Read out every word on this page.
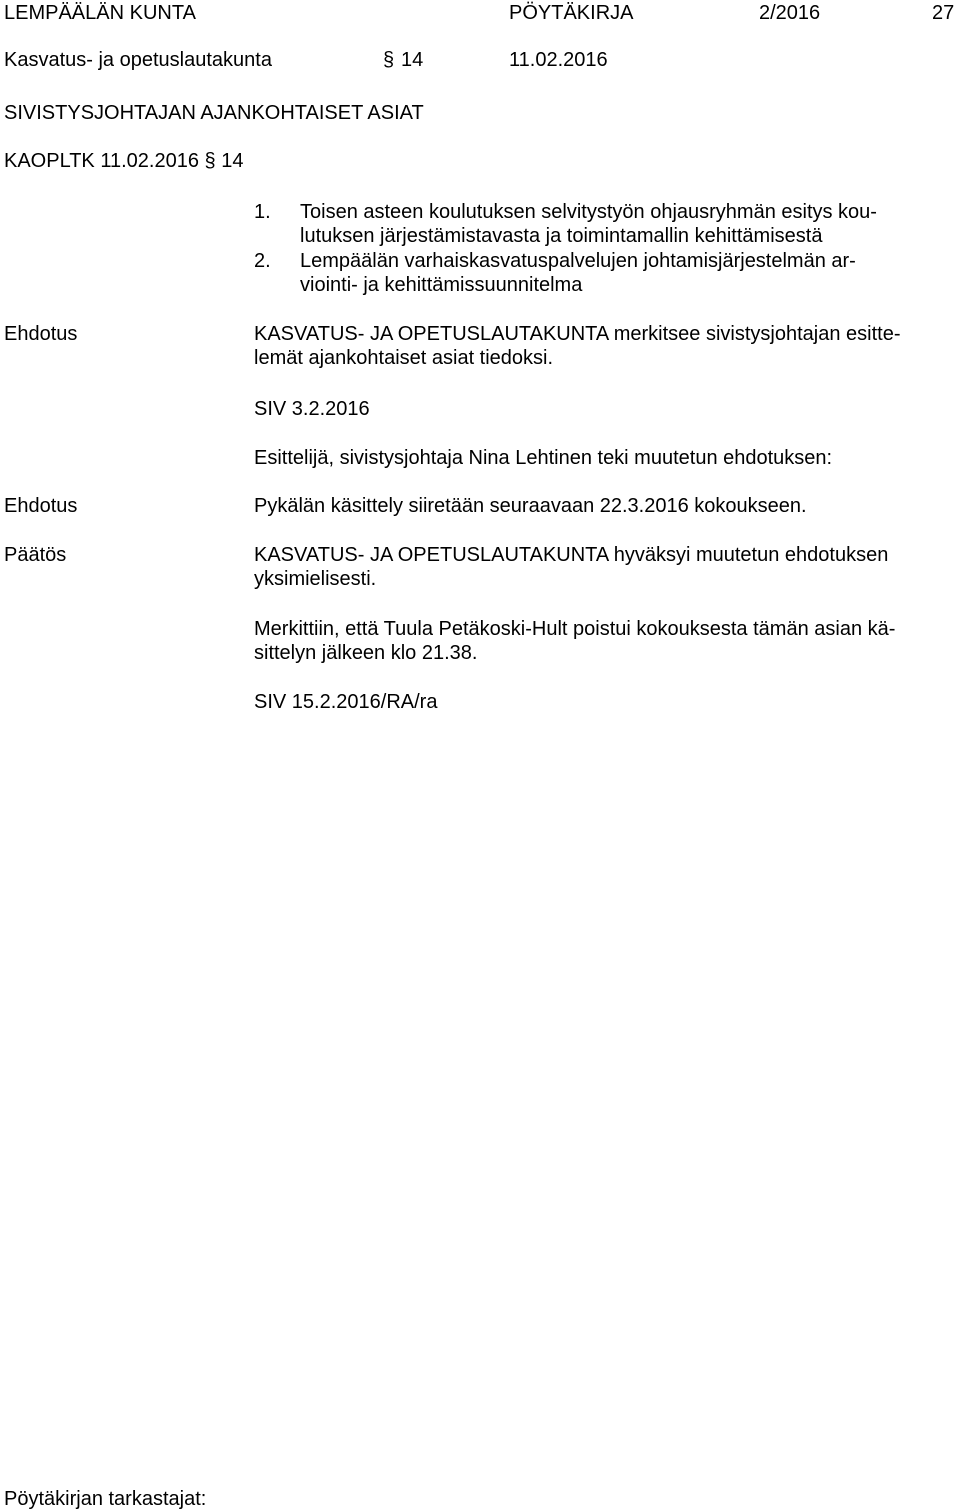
LEMPÄÄLÄN KUNTA	PÖYTÄKIRJA	2/2016	27
Kasvatus- ja opetuslautakunta	§ 14	11.02.2016
SIVISTYSJOHTAJAN AJANKOHTAISET ASIAT
KAOPLTK 11.02.2016 § 14
1. Toisen asteen koulutuksen selvitystyön ohjausryhmän esitys kou-

lutuksen järjestämistavasta ja toimintamallin kehittämisestä

2. Lempäälän varhaiskasvatuspalvelujen johtamisjärjestelmän ar-

viointi- ja kehittämissuunnitelma

Ehdotus	KASVATUS- JA OPETUSLAUTAKUNTA merkitsee sivistysjohtajan esitte-

lemät ajankohtaiset asiat tiedoksi.

SIV 3.2.2016
Esittelijä, sivistysjohtaja Nina Lehtinen teki muutetun ehdotuksen:
Ehdotus	Pykälän käsittely siiretään seuraavaan 22.3.2016 kokoukseen.
Päätös	KASVATUS- JA OPETUSLAUTAKUNTA hyväksyi muutetun ehdotuksen

yksimielisesti.

Merkittiin, että Tuula Petäkoski-Hult poistui kokouksesta tämän asian kä-

sittelyn jälkeen klo 21.38.

SIV 15.2.2016/RA/ra
Pöytäkirjan tarkastajat:
